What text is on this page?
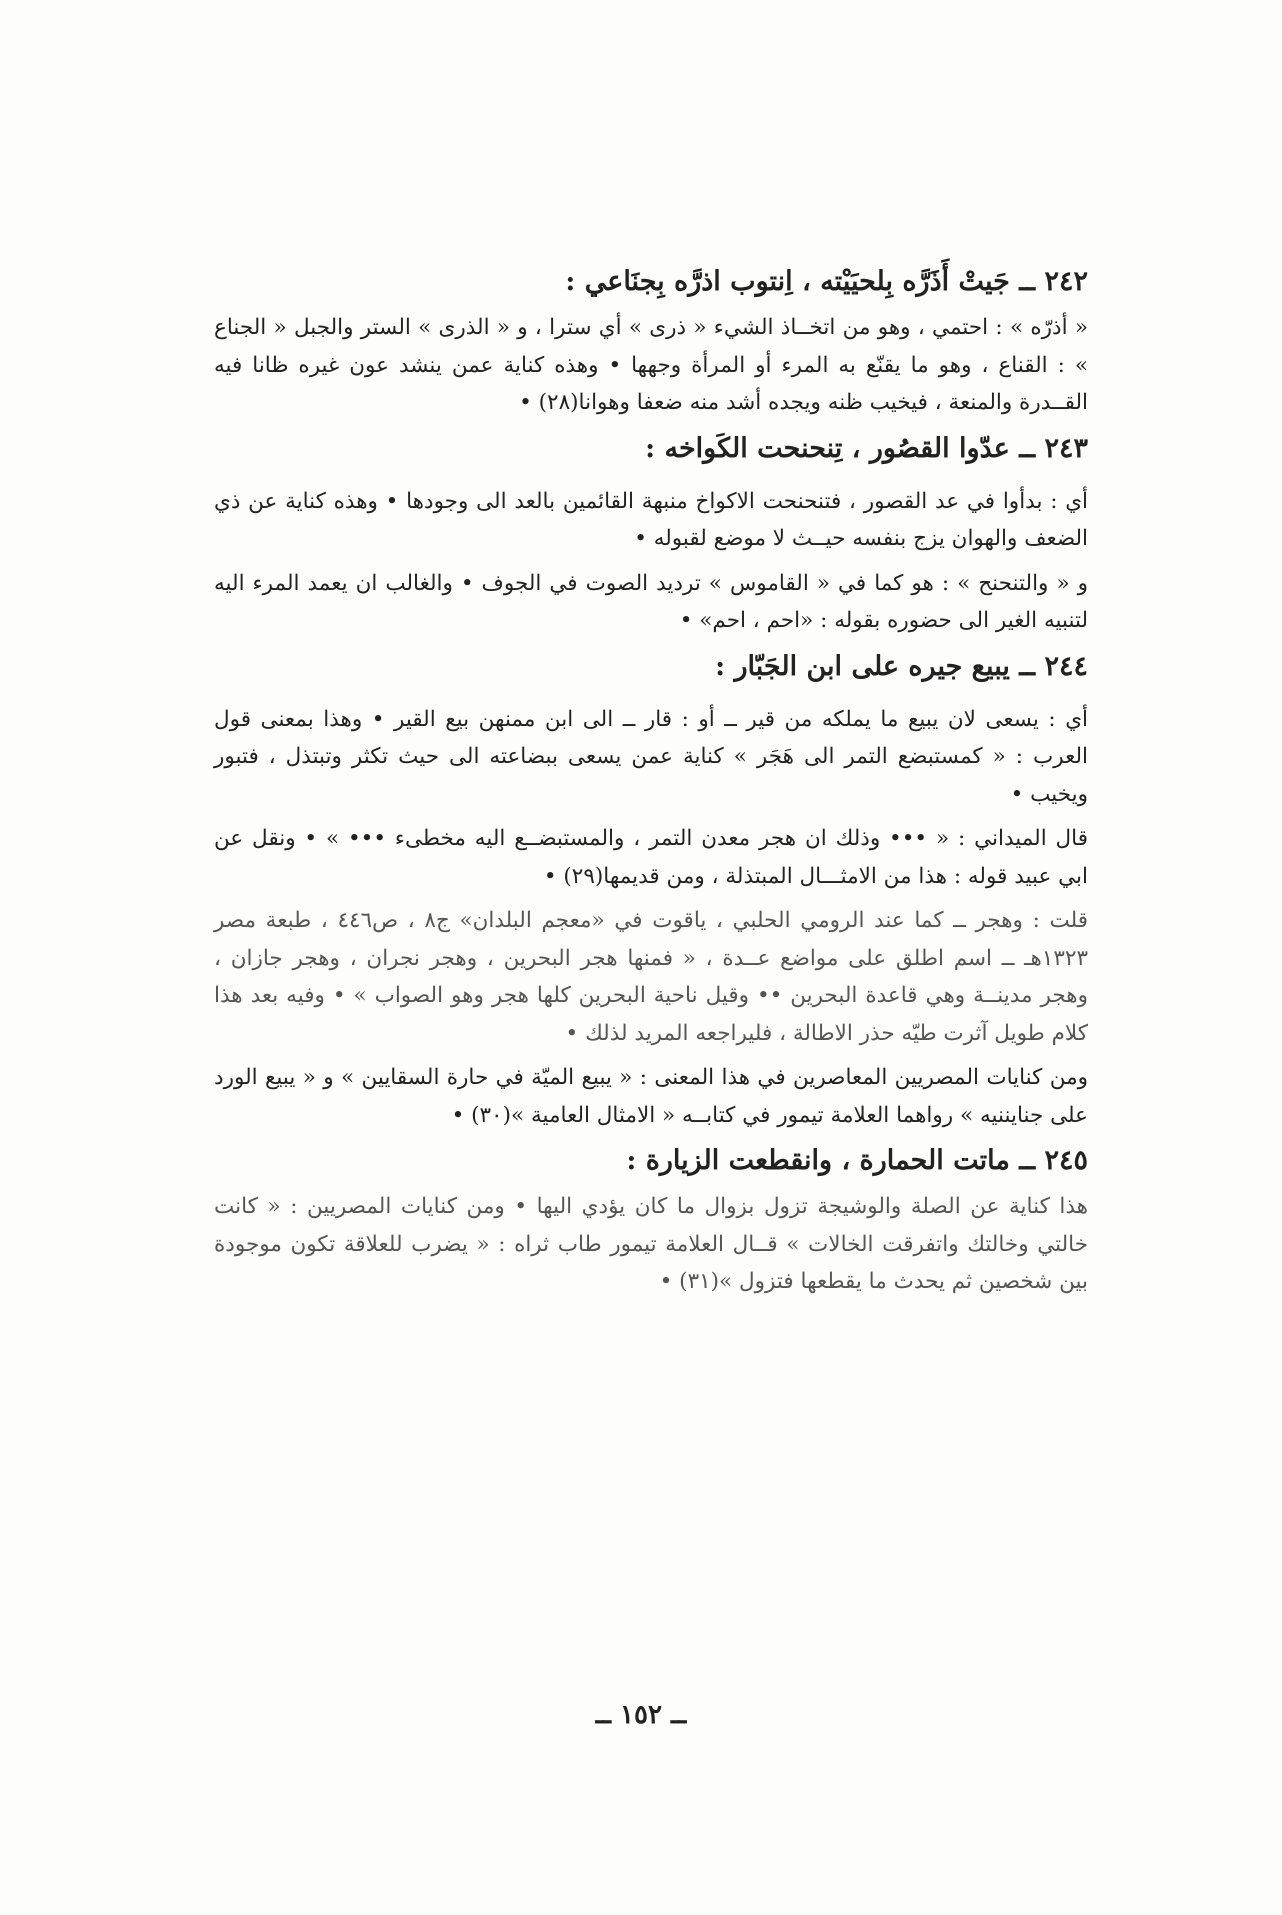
٢٤٢ ــ جَيتْ أَذَرَّه بِلحيَيْته ، اِنتوب اذرَّه بِجنَاعي :

« أذرّه » : احتمي ، وهو من اتخــاذ الشيء « ذرى » أي سترا ، و « الذرى » الستر والجبل « الجناع » : القناع ، وهو ما يقنّع به المرء أو المرأة وجهها • وهذه كناية عمن ينشد عون غيره ظانا فيه القــدرة والمنعة ، فيخيب ظنه ويجده أشد منه ضعفا وهوانا(٢٨) •

٢٤٣ ــ عدّوا القصُور ، تِنحنحت الكَواخه :

أي : بدأوا في عد القصور ، فتنحنحت الاكواخ منبهة القائمين بالعد الى وجودها • وهذه كناية عن ذي الضعف والهوان يزج بنفسه حيــث لا موضع لقبوله •

و « والتنحنح » : هو كما في « القاموس » ترديد الصوت في الجوف • والغالب ان يعمد المرء اليه لتنبيه الغير الى حضوره بقوله : «احم ، احم» •

٢٤٤ ــ يبيع جيره على ابن الجَبّار :

أي : يسعى لان يبيع ما يملكه من قير ــ أو : قار ــ الى ابن ممنهن بيع القير • وهذا بمعنى قول العرب : « كمستبضع التمر الى هَجَر » كناية عمن يسعى ببضاعته الى حيث تكثر وتبتذل ، فتبور ويخيب •

قال الميداني : « ••• وذلك ان هجر معدن التمر ، والمستبضــع اليه مخطىء ••• » • ونقل عن ابي عبيد قوله : هذا من الامثـــال المبتذلة ، ومن قديمها(٢٩) •

قلت : وهجر ــ كما عند الرومي الحلبي ، ياقوت في «معجم البلدان» ج٨ ، ص٤٤٦ ، طبعة مصر ١٣٢٣هـ ــ اسم اطلق على مواضع عــدة ، « فمنها هجر البحرين ، وهجر نجران ، وهجر جازان ، وهجر مدينــة وهي قاعدة البحرين •• وقيل ناحية البحرين كلها هجر وهو الصواب » • وفيه بعد هذا كلام طويل آثرت طيّه حذر الاطالة ، فليراجعه المريد لذلك •

ومن كنايات المصريين المعاصرين في هذا المعنى : « يبيع الميّة في حارة السقايين » و « يبيع الورد على جنايننيه » رواهما العلامة تيمور في كتابــه « الامثال العامية »(٣٠) •

٢٤٥ ــ ماتت الحمارة ، وانقطعت الزيارة :

هذا كناية عن الصلة والوشيجة تزول بزوال ما كان يؤدي اليها • ومن كنايات المصريين : « كانت خالتي وخالتك واتفرقت الخالات » قــال العلامة تيمور طاب ثراه : « يضرب للعلاقة تكون موجودة بين شخصين ثم يحدث ما يقطعها فتزول »(٣١) •

ــ ١٥٢ ــ
